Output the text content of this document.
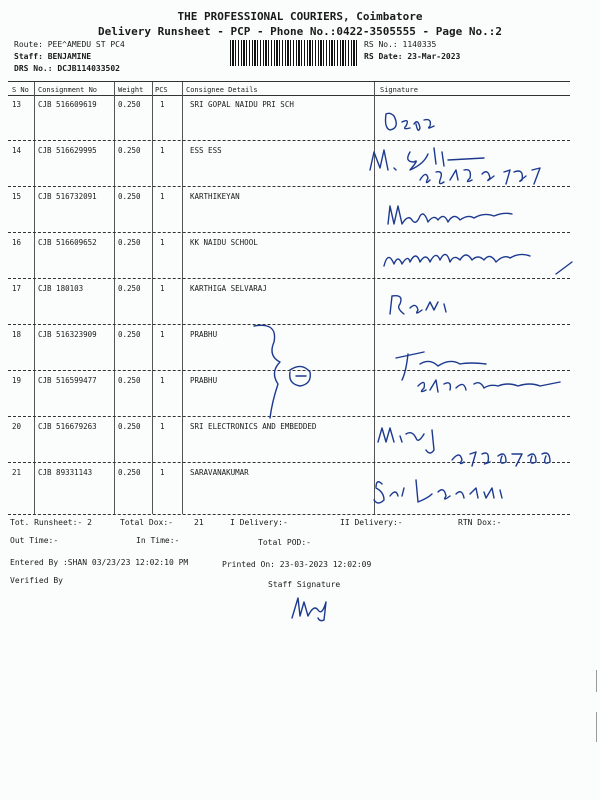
THE PROFESSIONAL COURIERS, Coimbatore
Delivery Runsheet - PCP - Phone No.:0422-3505555 - Page No.:2
Route: PEE^AMEDU ST PC4
Staff: BENJAMINE
DRS No.: DCJB114033502
RS No.: 1140335
RS Date: 23-Mar-2023
S No Consignment No	Weight PCS	Consignee Details	Signature
13 CJB 516609619	0.250	1	SRI GOPAL NAIDU PRI SCH
14 CJB 516629995	0.250	1	ESS ESS
15 CJB 516732091	0.250	1	KARTHIKEYAN
16 CJB 516609652	0.250	1	KK NAIDU SCHOOL
17 CJB 180103	0.250	1	KARTHIGA SELVARAJ
18 CJB 516323909	0.250	1	PRABHU
19 CJB 516599477	0.250	1	PRABHU
20 CJB 516679263	0.250	1	SRI ELECTRONICS AND EMBEDDED
21 CJB 89331143	0.250	1	SARAVANAKUMAR
Tot. Runsheet:- 2	Total Dox:-	21	I Delivery:-	II Delivery:-	RTN Dox:-
Out Time:-	In Time:-	Total POD:-
Entered By :SHAN 03/23/23 12:02:10 PM	Printed On: 23-03-2023 12:02:09
Verified By	Staff Signature
